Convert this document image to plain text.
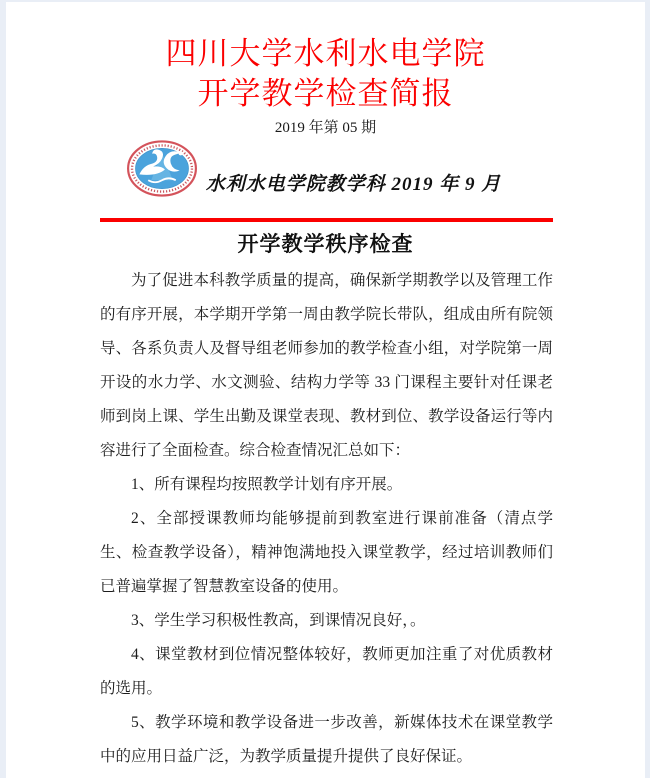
四川大学水利水电学院
开学教学检查简报
2019 年第 05 期
水利水电学院教学科 2019 年 9 月
开学教学秩序检查

为了促进本科教学质量的提高，确保新学期教学以及管理工作的有序开展，本学期开学第一周由教学院长带队，组成由所有院领导、各系负责人及督导组老师参加的教学检查小组，对学院第一周开设的水力学、水文测验、结构力学等 33 门课程主要针对任课老师到岗上课、学生出勤及课堂表现、教材到位、教学设备运行等内容进行了全面检查。综合检查情况汇总如下：

1、所有课程均按照教学计划有序开展。

2、全部授课教师均能够提前到教室进行课前准备（清点学生、检查教学设备），精神饱满地投入课堂教学，经过培训教师们已普遍掌握了智慧教室设备的使用。

3、学生学习积极性教高，到课情况良好，。

4、课堂教材到位情况整体较好，教师更加注重了对优质教材的选用。

5、教学环境和教学设备进一步改善，新媒体技术在课堂教学中的应用日益广泛，为教学质量提升提供了良好保证。
